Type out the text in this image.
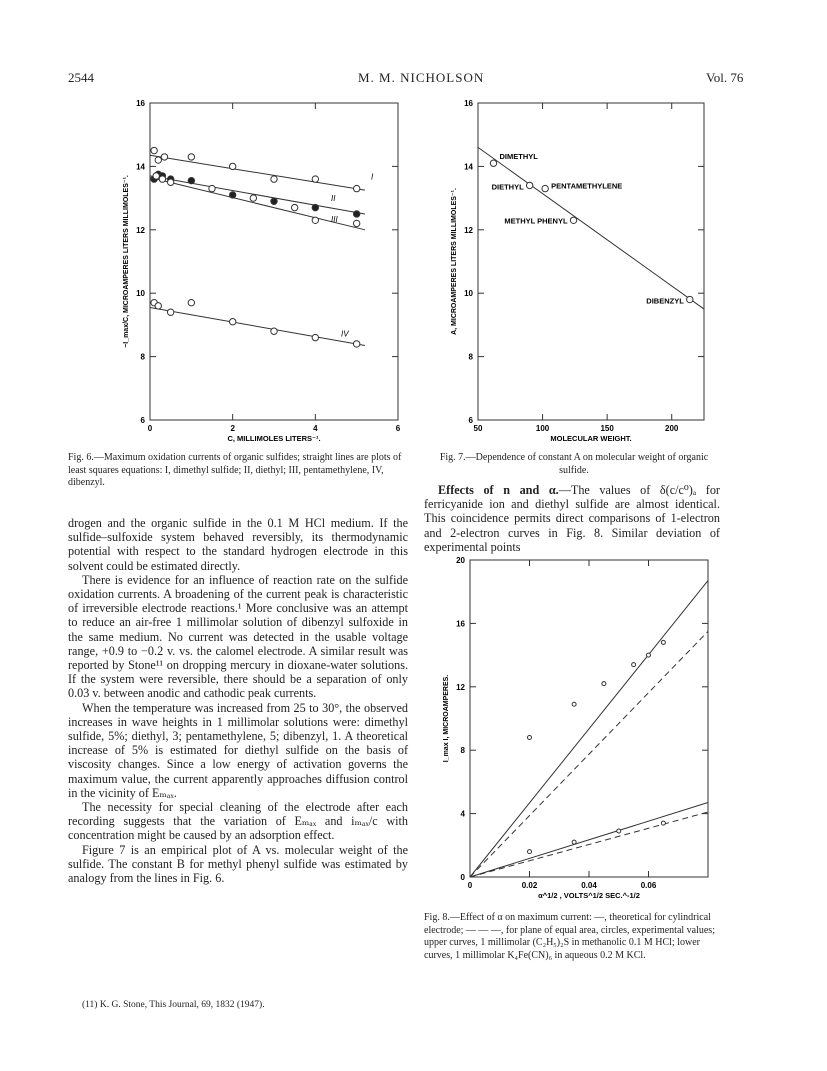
2544	M. M. NICHOLSON	Vol. 76
0	2	4	6
6
8
10
12
14
16
C, MILLIMOLES LITERS⁻¹.
−I_max/C, MICROAMPERES LITERS MILLIMOLES⁻¹.	I
II
III
IV
50	100	150	200
6
8
10
12
14
16
MOLECULAR WEIGHT.
A, MICROAMPERES LITERS MILLIMOLES⁻¹.
DIMETHYL
DIETHYL	PENTAMETHYLENE
METHYL PHENYL
DIBENZYL
0	0.02	0.04	0.06
0
4
8
12
16
20
α^1/2 , VOLTS^1/2 SEC.^-1/2
I_max I, MICROAMPERES.
Fig. 6.—Maximum oxidation currents of organic sulfides; straight lines are plots of least squares equations: I, dimethyl sulfide; II, diethyl; III, pentamethylene, IV, dibenzyl.
Fig. 7.—Dependence of constant A on molecular weight of organic sulfide.
Fig. 8.—Effect of α on maximum current: —, theoretical for cylindrical electrode; — — —, for plane of equal area, circles, experimental values; upper curves, 1 millimolar (C₂H₅)₂S in methanolic 0.1 M HCl; lower curves, 1 millimolar K₄Fe(CN)₆ in aqueous 0.2 M KCl.

drogen and the organic sulfide in the 0.1 M HCl medium. If the sulfide–sulfoxide system behaved reversibly, its thermodynamic potential with respect to the standard hydrogen electrode in this solvent could be estimated directly.

There is evidence for an influence of reaction rate on the sulfide oxidation currents. A broadening of the current peak is characteristic of irreversible electrode reactions.¹ More conclusive was an attempt to reduce an air-free 1 millimolar solution of dibenzyl sulfoxide in the same medium. No current was detected in the usable voltage range, +0.9 to −0.2 v. vs. the calomel electrode. A similar result was reported by Stone¹¹ on dropping mercury in dioxane-water solutions. If the system were reversible, there should be a separation of only 0.03 v. between anodic and cathodic peak currents.

When the temperature was increased from 25 to 30°, the observed increases in wave heights in 1 millimolar solutions were: dimethyl sulfide, 5%; diethyl, 3; pentamethylene, 5; dibenzyl, 1. A theoretical increase of 5% is estimated for diethyl sulfide on the basis of viscosity changes. Since a low energy of activation governs the maximum value, the current apparently approaches diffusion control in the vicinity of Eₘₐₓ.

The necessity for special cleaning of the electrode after each recording suggests that the variation of Eₘₐₓ and iₘₐₓ/c with concentration might be caused by an adsorption effect.

Figure 7 is an empirical plot of A vs. molecular weight of the sulfide. The constant B for methyl phenyl sulfide was estimated by analogy from the lines in Fig. 6.

(11) K. G. Stone, This Journal, 69, 1832 (1947).

Effects of n and α.—The values of δ(c/c⁰)ₐ for ferricyanide ion and diethyl sulfide are almost identical. This coincidence permits direct comparisons of 1-electron and 2-electron curves in Fig. 8. Similar deviation of experimental points
